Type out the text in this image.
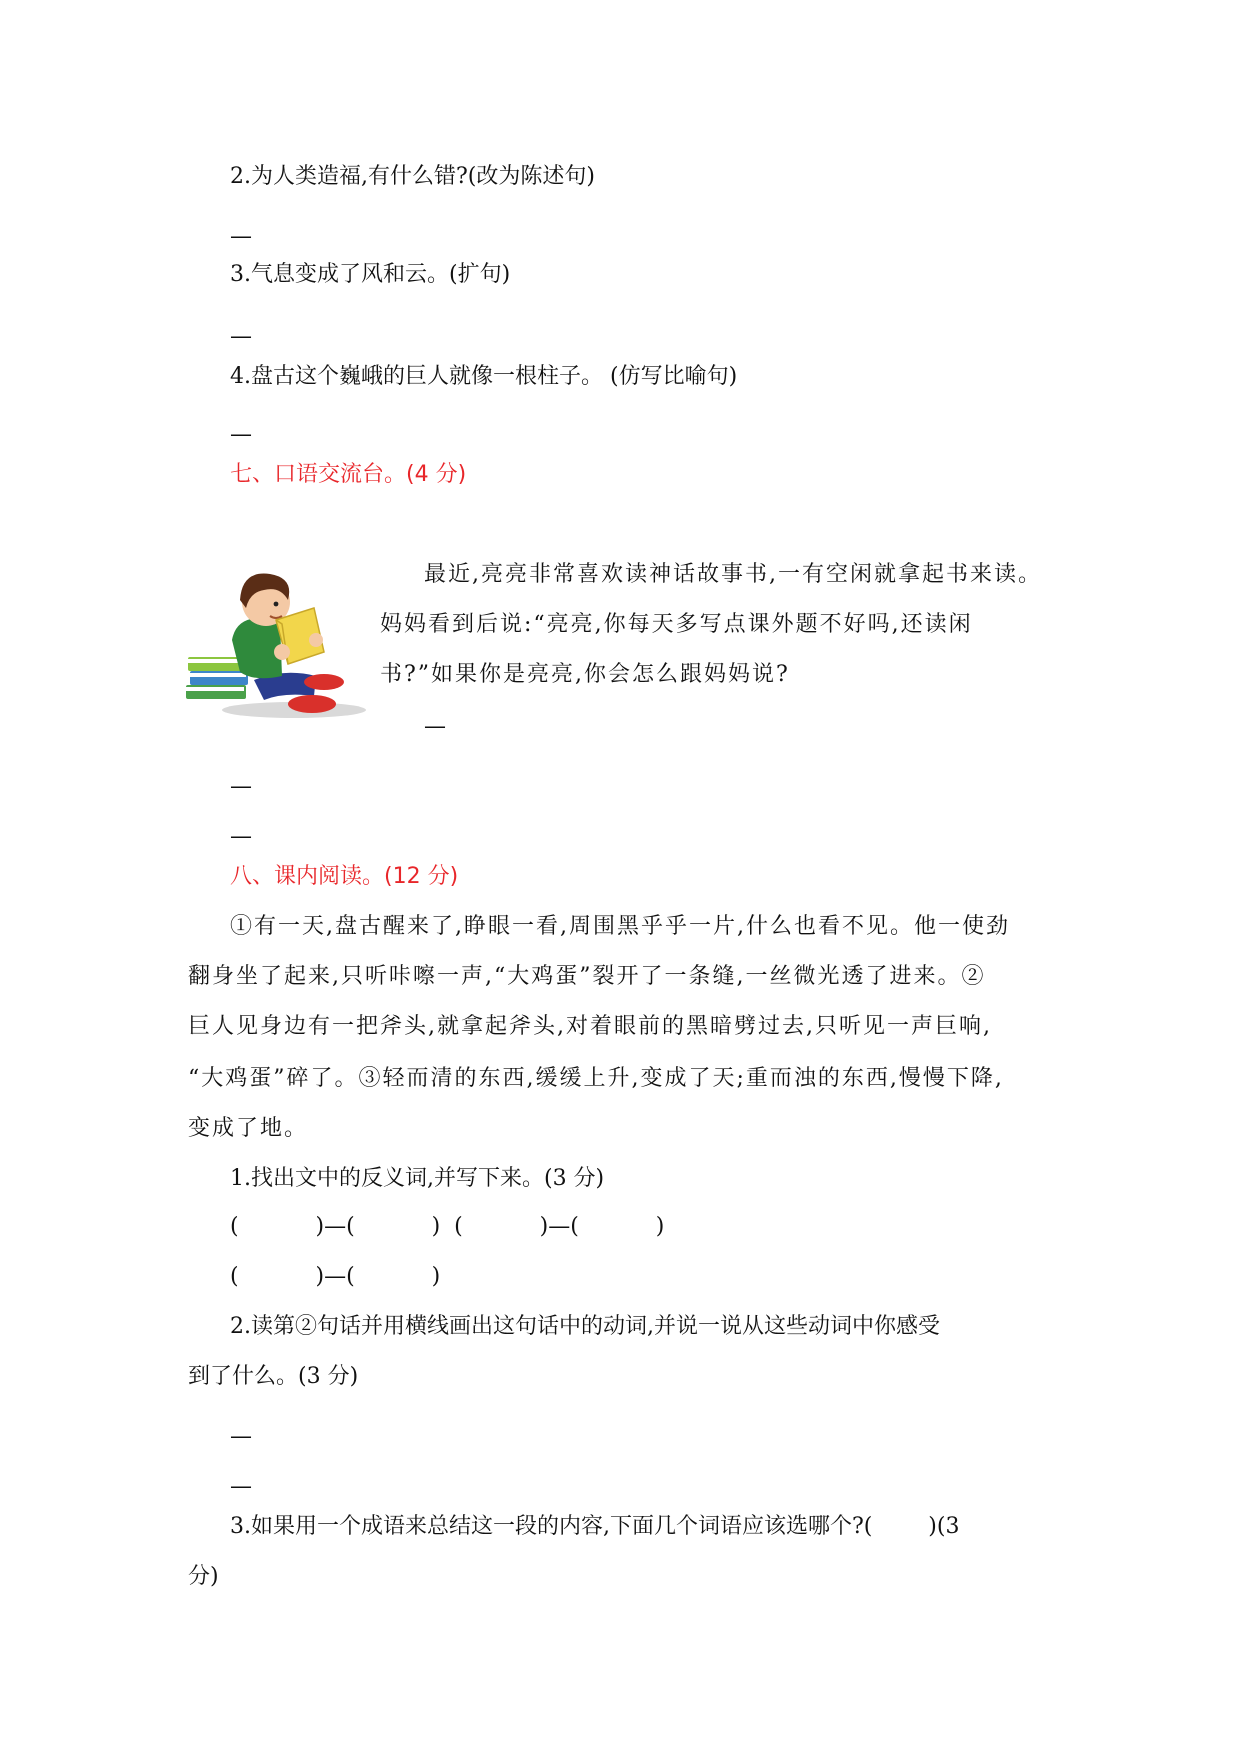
2.为人类造福,有什么错?(改为陈述句)
—
3.气息变成了风和云。(扩句)
—
4.盘古这个巍峨的巨人就像一根柱子。 (仿写比喻句)
—
七、口语交流台。(4 分)
最近,亮亮非常喜欢读神话故事书,一有空闲就拿起书来读。
妈妈看到后说:“亮亮,你每天多写点课外题不好吗,还读闲
书?”如果你是亮亮,你会怎么跟妈妈说?
—
—
—
八、课内阅读。(12 分)
①有一天,盘古醒来了,睁眼一看,周围黑乎乎一片,什么也看不见。他一使劲
翻身坐了起来,只听咔嚓一声,“大鸡蛋”裂开了一条缝,一丝微光透了进来。②
巨人见身边有一把斧头,就拿起斧头,对着眼前的黑暗劈过去,只听见一声巨响,
“大鸡蛋”碎了。③轻而清的东西,缓缓上升,变成了天;重而浊的东西,慢慢下降,
变成了地。
1.找出文中的反义词,并写下来。(3 分)
(           )—(           )  (           )—(           )
(           )—(           )
2.读第②句话并用横线画出这句话中的动词,并说一说从这些动词中你感受
到了什么。(3 分)
—
—
3.如果用一个成语来总结这一段的内容,下面几个词语应该选哪个?(        )(3
分)
